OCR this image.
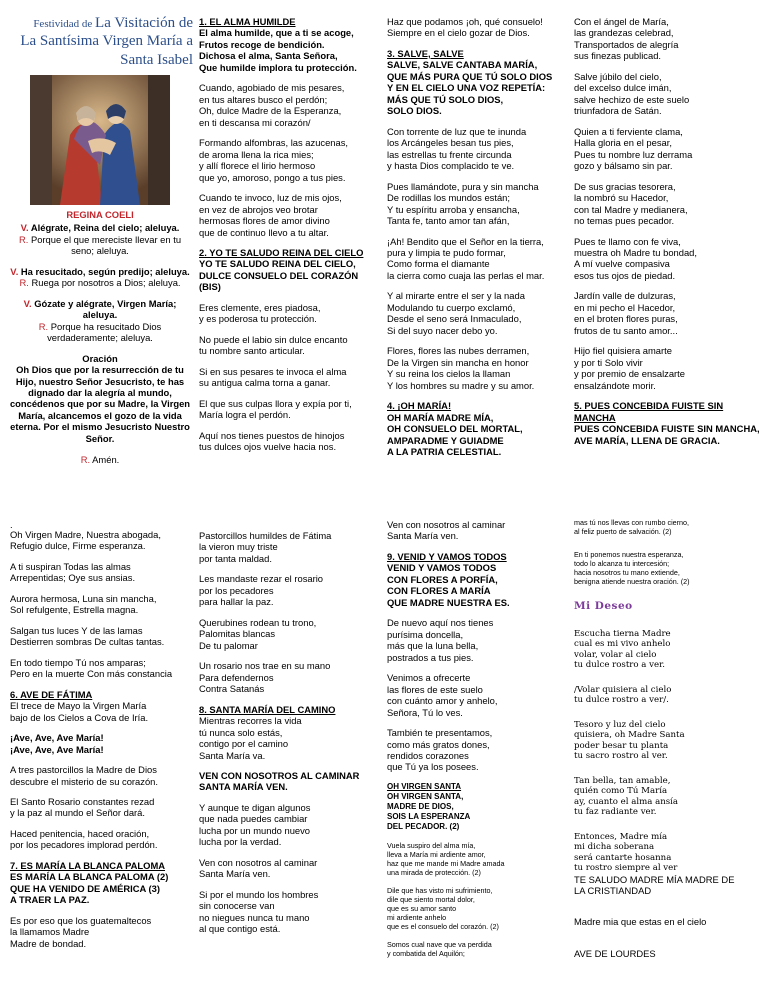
Festividad de La Visitación de
La Santísima Virgen María a
Santa Isabel
REGINA COELI
V. Alégrate, Reina del cielo; aleluya.
R. Porque el que mereciste llevar en tu seno; aleluya.
V. Ha resucitado, según predijo; aleluya.
R. Ruega por nosotros a Dios; aleluya.
V. Gózate y alégrate, Virgen María; aleluya.
R. Porque ha resucitado Dios verdaderamente; aleluya.
Oración
Oh Dios que por la resurrección de tu Hijo, nuestro Señor Jesucristo, te has dignado dar la alegría al mundo, concédenos que por su Madre, la Virgen María, alcancemos el gozo de la vida eterna. Por el mismo Jesucristo Nuestro Señor.
R. Amén.
1. EL ALMA HUMILDE

El alma humilde, que a ti se acoge,
Frutos recoge de bendición.
Dichosa el alma, Santa Señora,
Que humilde implora tu protección.

Cuando, agobiado de mis pesares,
en tus altares busco el perdón;
Oh, dulce Madre de la Esperanza,
en ti descansa mi corazón/

Formando alfombras, las azucenas,
de aroma llena la rica mies;
y allí florece el lirio hermoso
que yo, amoroso, pongo a tus pies.

Cuando te invoco, luz de mis ojos,
en vez de abrojos veo brotar
hermosas flores de amor divino
que de continuo llevo a tu altar.

2. YO TE SALUDO REINA DEL CIELO

YO TE SALUDO REINA DEL CIELO,
DULCE CONSUELO DEL CORAZÓN
(BIS)

Eres clemente, eres piadosa,
y es poderosa tu protección.

No puede el labio sin dulce encanto
tu nombre santo articular.

Si en sus pesares te invoca el alma
su antigua calma torna a ganar.

El que sus culpas llora y expía por ti,
María logra el perdón.

Aquí nos tienes puestos de hinojos
tus dulces ojos vuelve hacia nos.

Haz que podamos ¡oh, qué consuelo!
Siempre en el cielo gozar de Dios.

3. SALVE, SALVE

SALVE, SALVE CANTABA MARÍA,
QUE MÁS PURA QUE TÚ SOLO DIOS
Y EN EL CIELO UNA VOZ REPETÍA:
MÁS QUE TÚ SOLO DIOS,
SOLO DIOS.

Con torrente de luz que te inunda
los Arcángeles besan tus pies,
las estrellas tu frente circunda
y hasta Dios complacido te ve.

Pues llamándote, pura y sin mancha
De rodillas los mundos están;
Y tu espíritu arroba y ensancha,
Tanta fe, tanto amor tan afán,

¡Ah! Bendito que el Señor en la tierra,
pura y limpia te pudo formar,
Como forma el diamante
la cierra como cuaja las perlas el mar.

Y al mirarte entre el ser y la nada
Modulando tu cuerpo exclamó,
Desde el seno será Inmaculado,
Si del suyo nacer debo yo.

Flores, flores las nubes derramen,
De la Virgen sin mancha en honor
Y su reina los cielos la llaman
Y los hombres su madre y su amor.

4. ¡OH MARÍA!

OH MARÍA MADRE MÍA,
OH CONSUELO DEL MORTAL,
AMPARADME Y GUIADME
A LA PATRIA CELESTIAL.

Con el ángel de María,
las grandezas celebrad,
Transportados de alegría
sus finezas publicad.

Salve júbilo del cielo,
del excelso dulce imán,
salve hechizo de este suelo
triunfadora de Satán.

Quien a ti ferviente clama,
Halla gloria en el pesar,
Pues tu nombre luz derrama
gozo y bálsamo sin par.

De sus gracias tesorera,
la nombró su Hacedor,
con tal Madre y medianera,
no temas pues pecador.

Pues te llamo con fe viva,
muestra oh Madre tu bondad,
A mí vuelve compasiva
esos tus ojos de piedad.

Jardín valle de dulzuras,
en mi pecho el Hacedor,
en el broten flores puras,
frutos de tu santo amor...

Hijo fiel quisiera amarte
y por ti Solo vivir
y por premio de ensalzarte
ensalzándote morir.

5. PUES CONCEBIDA FUISTE SIN MANCHA

PUES CONCEBIDA FUISTE SIN MANCHA,
AVE MARÍA, LLENA DE GRACIA.

.

Oh Virgen Madre, Nuestra abogada,
Refugio dulce, Firme esperanza.

A ti suspiran Todas las almas
Arrepentidas; Oye sus ansias.

Aurora hermosa, Luna sin mancha,
Sol refulgente, Estrella magna.

Salgan tus luces Y de las lamas
Destierren sombras De cultas tantas.

En todo tiempo Tú nos amparas;
Pero en la muerte Con más constancia

6. AVE DE FÁTIMA

El trece de Mayo la Virgen María
bajo de los Cielos a Cova de Iría.

¡Ave, Ave, Ave María!
¡Ave, Ave, Ave María!

A tres pastorcillos la Madre de Dios
descubre el misterio de su corazón.

El Santo Rosario constantes rezad
y la paz al mundo el Señor dará.

Haced penitencia, haced oración,
por los pecadores implorad perdón.

7. ES MARÍA LA BLANCA PALOMA

ES MARÍA LA BLANCA PALOMA (2)
QUE HA VENIDO DE AMÉRICA (3)
A TRAER LA PAZ.

Es por eso que los guatemaltecos
la llamamos Madre
Madre de bondad.

Pastorcillos humildes de Fátima
la vieron muy triste
por tanta maldad.

Les mandaste rezar el rosario
por los pecadores
para hallar la paz.

Querubines rodean tu trono,
Palomitas blancas
De tu palomar

Un rosario nos trae en su mano
Para defendernos
Contra Satanás

8. SANTA MARÍA DEL CAMINO

Mientras recorres la vida
tú nunca solo estás,
contigo por el camino
Santa María va.

VEN CON NOSOTROS AL CAMINAR
SANTA MARÍA VEN.

Y aunque te digan algunos
que nada puedes cambiar
lucha por un mundo nuevo
lucha por la verdad.

Ven con nosotros al caminar
Santa María ven.

Si por el mundo los hombres
sin conocerse van
no niegues nunca tu mano
al que contigo está.

Ven con nosotros al caminar
Santa María ven.

9. VENID Y VAMOS TODOS

VENID Y VAMOS TODOS
CON FLORES A PORFÍA,
CON FLORES A MARÍA
QUE MADRE NUESTRA ES.

De nuevo aquí nos tienes
purísima doncella,
más que la luna bella,
postrados a tus pies.

Venimos a ofrecerte
las flores de este suelo
con cuánto amor y anhelo,
Señora, Tú lo ves.

También te presentamos,
como más gratos dones,
rendidos corazones
que Tú ya los posees.

OH VIRGEN SANTA

OH VIRGEN SANTA,
MADRE DE DIOS,
SOIS LA ESPERANZA
DEL PECADOR. (2)

Vuela suspiro del alma mía,
lleva a María mi ardiente amor,
haz que me mande mi Madre amada
una mirada de protección. (2)

Dile que has visto mi sufrimiento,
dile que siento mortal dolor,
que es su amor santo
mi ardiente anhelo
que es el consuelo del corazón. (2)

Somos cual nave que va perdida
y combatida del Aquilón;

mas tú nos llevas con rumbo cierno,
al feliz puerto de salvación. (2)

En ti ponemos nuestra esperanza,
todo lo alcanza tu intercesión;
hacia nosotros tu mano extiende,
benigna atiende nuestra oración. (2)

Mi Deseo

Escucha tierna Madre
cual es mi vivo anhelo
volar, volar al cielo
tu dulce rostro a ver.

/Volar quisiera al cielo
tu dulce rostro a ver/.

Tesoro y luz del cielo
quisiera, oh Madre Santa
poder besar tu planta
tu sacro rostro al ver.

Tan bella, tan amable,
quién como Tú María
ay, cuanto el alma ansía
tu faz radiante ver.

Entonces, Madre mía
mi dicha soberana
será cantarte hosanna
tu rostro siempre al ver

TE SALUDO MADRE MÍA MADRE DE
LA CRISTIANDAD

Madre mia que estas en el cielo

AVE DE LOURDES
